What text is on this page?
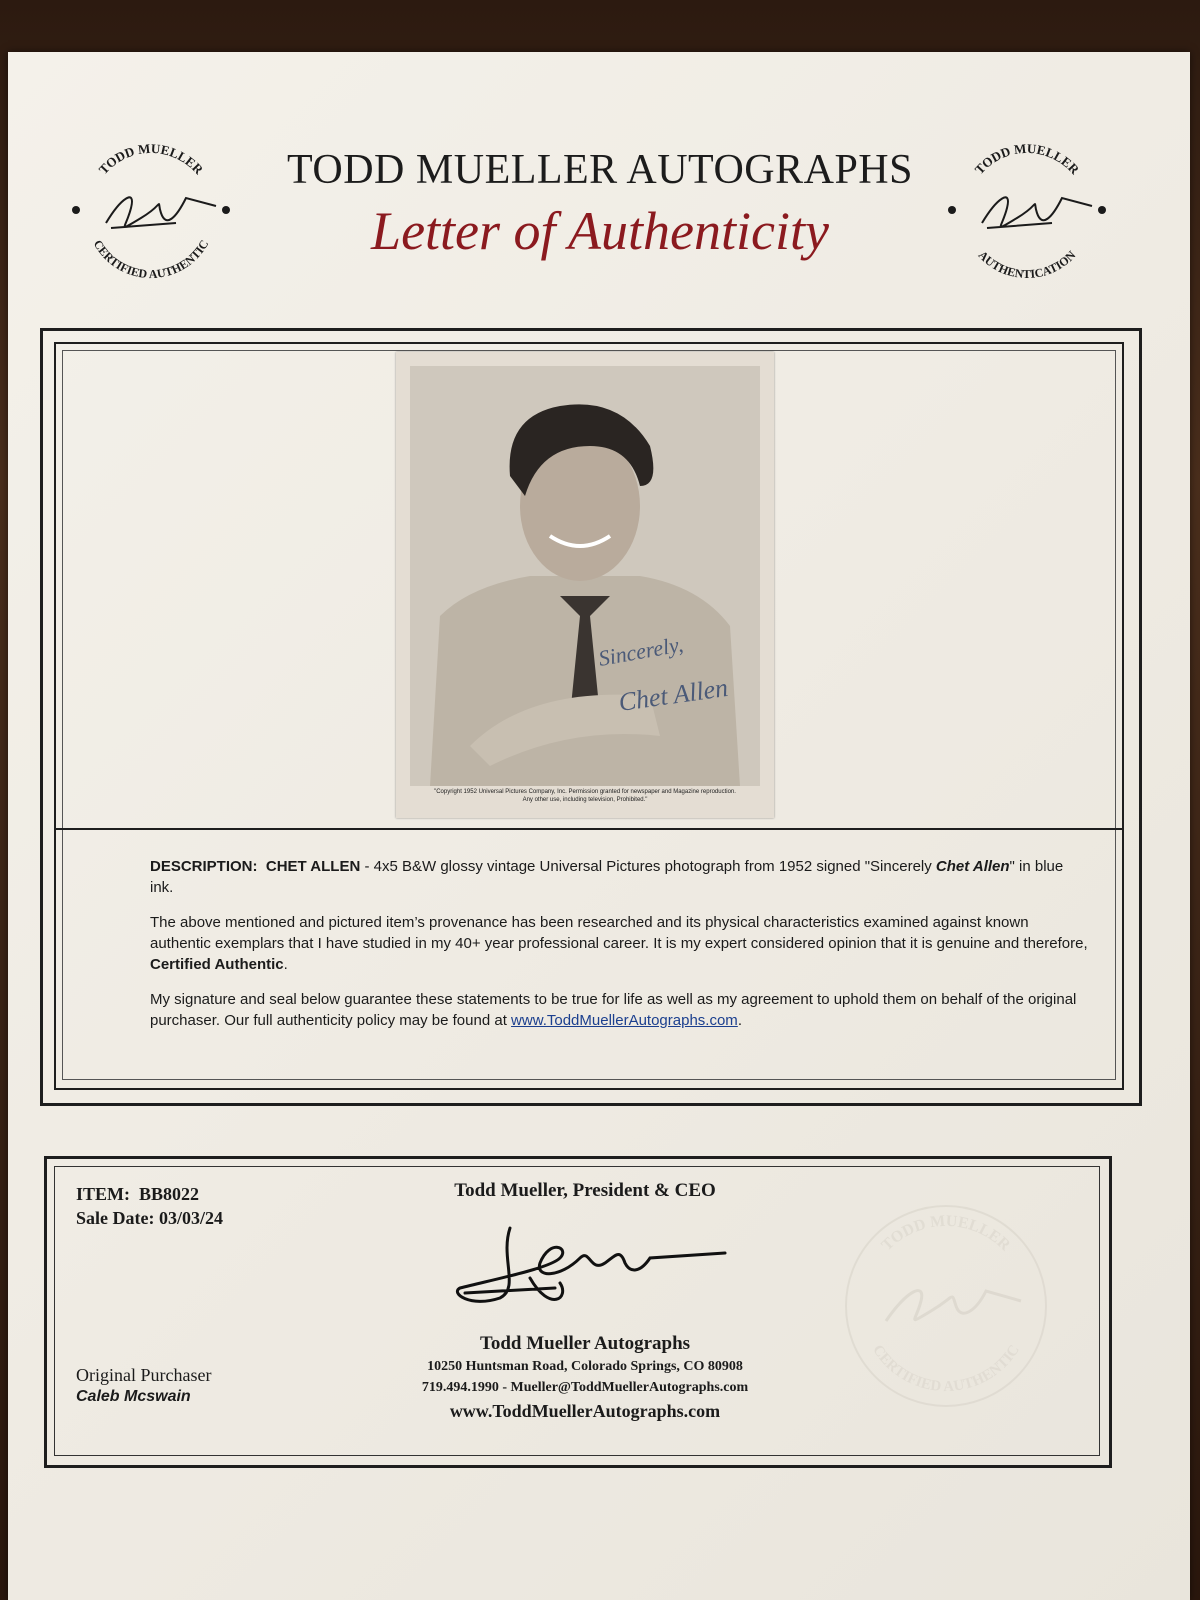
TODD MUELLER
CERTIFIED AUTHENTIC
TODD MUELLER
AUTHENTICATION
TODD MUELLER AUTOGRAPHS
Letter of Authenticity
Sincerely,
Chet Allen
"Copyright 1952 Universal Pictures Company, Inc. Permission granted for newspaper and Magazine reproduction.
Any other use, including television, Prohibited."

DESCRIPTION: CHET ALLEN - 4x5 B&W glossy vintage Universal Pictures photograph from 1952 signed "Sincerely Chet Allen" in blue ink.

The above mentioned and pictured item’s provenance has been researched and its physical characteristics examined against known authentic exemplars that I have studied in my 40+ year professional career. It is my expert considered opinion that it is genuine and therefore, Certified Authentic.

My signature and seal below guarantee these statements to be true for life as well as my agreement to uphold them on behalf of the original purchaser. Our full authenticity policy may be found at www.ToddMuellerAutographs.com.

ITEM: BB8022
Sale Date: 03/03/24
Original Purchaser
Caleb Mcswain
Todd Mueller, President & CEO
Todd Mueller Autographs
10250 Huntsman Road, Colorado Springs, CO 80908
719.494.1990 - Mueller@ToddMuellerAutographs.com
www.ToddMuellerAutographs.com
TODD MUELLER
CERTIFIED AUTHENTIC
